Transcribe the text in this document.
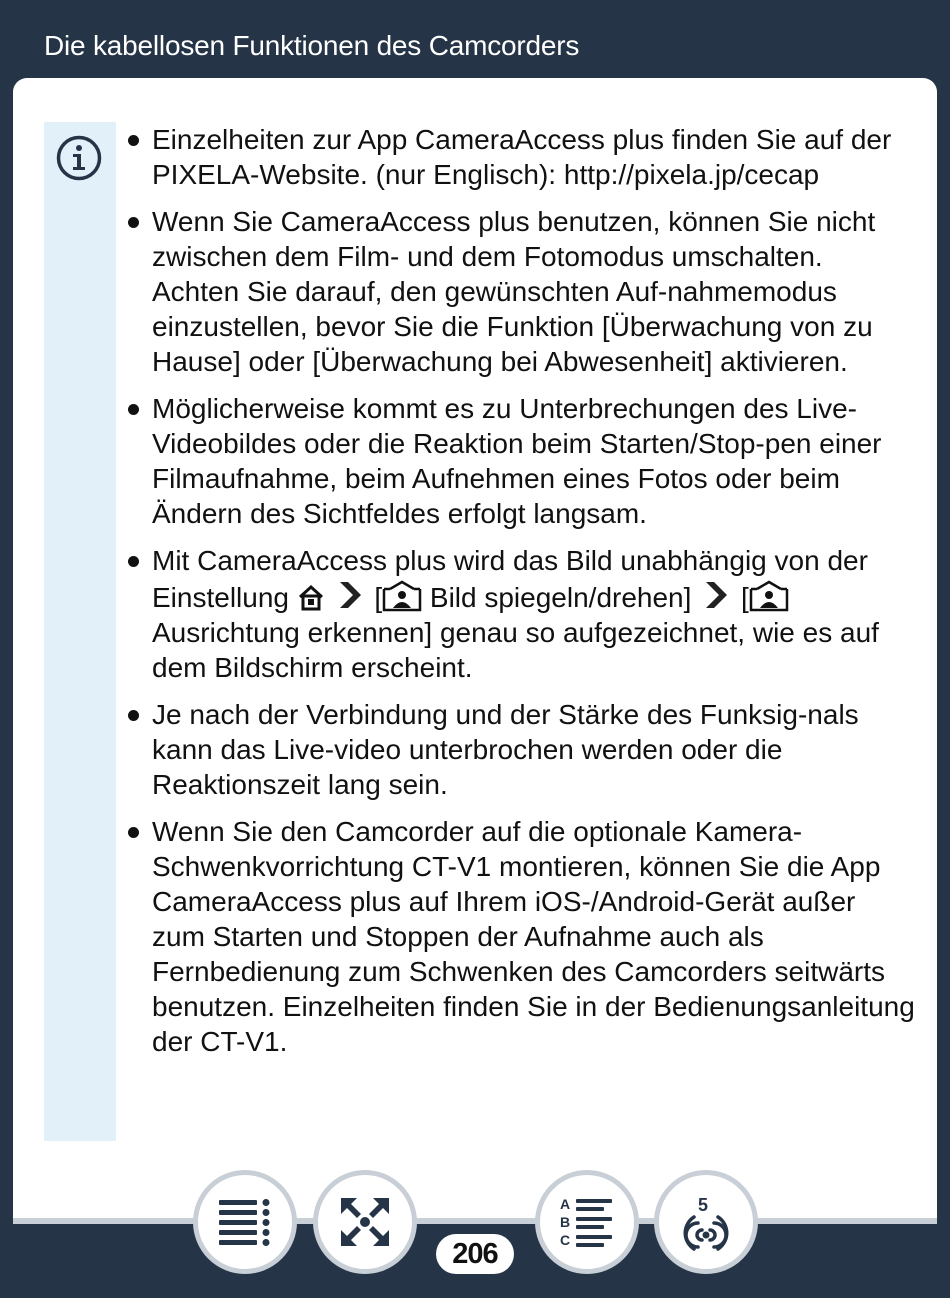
Die kabellosen Funktionen des Camcorders
Einzelheiten zur App CameraAccess plus finden Sie auf der PIXELA-Website. (nur Englisch): http://pixela.jp/cecap
Wenn Sie CameraAccess plus benutzen, können Sie nicht zwischen dem Film- und dem Fotomodus umschalten. Achten Sie darauf, den gewünschten Auf-nahmemodus einzustellen, bevor Sie die Funktion [Überwachung von zu Hause] oder [Überwachung bei Abwesenheit] aktivieren.
Möglicherweise kommt es zu Unterbrechungen des Live-Videobildes oder die Reaktion beim Starten/Stop-pen einer Filmaufnahme, beim Aufnehmen eines Fotos oder beim Ändern des Sichtfeldes erfolgt langsam.
Mit CameraAccess plus wird das Bild unabhängig von der Einstellung	[ Bild spiegeln/drehen] [ Ausrichtung erkennen] genau so aufgezeichnet, wie es auf dem Bildschirm erscheint.
Je nach der Verbindung und der Stärke des Funksig-nals kann das Live-video unterbrochen werden oder die Reaktionszeit lang sein.
Wenn Sie den Camcorder auf die optionale Kamera-Schwenkvorrichtung CT-V1 montieren, können Sie die App CameraAccess plus auf Ihrem iOS-/Android-Gerät außer zum Starten und Stoppen der Aufnahme auch als Fernbedienung zum Schwenken des Camcorders seitwärts benutzen. Einzelheiten finden Sie in der Bedienungsanleitung der CT-V1.
A
B
C
5
206
